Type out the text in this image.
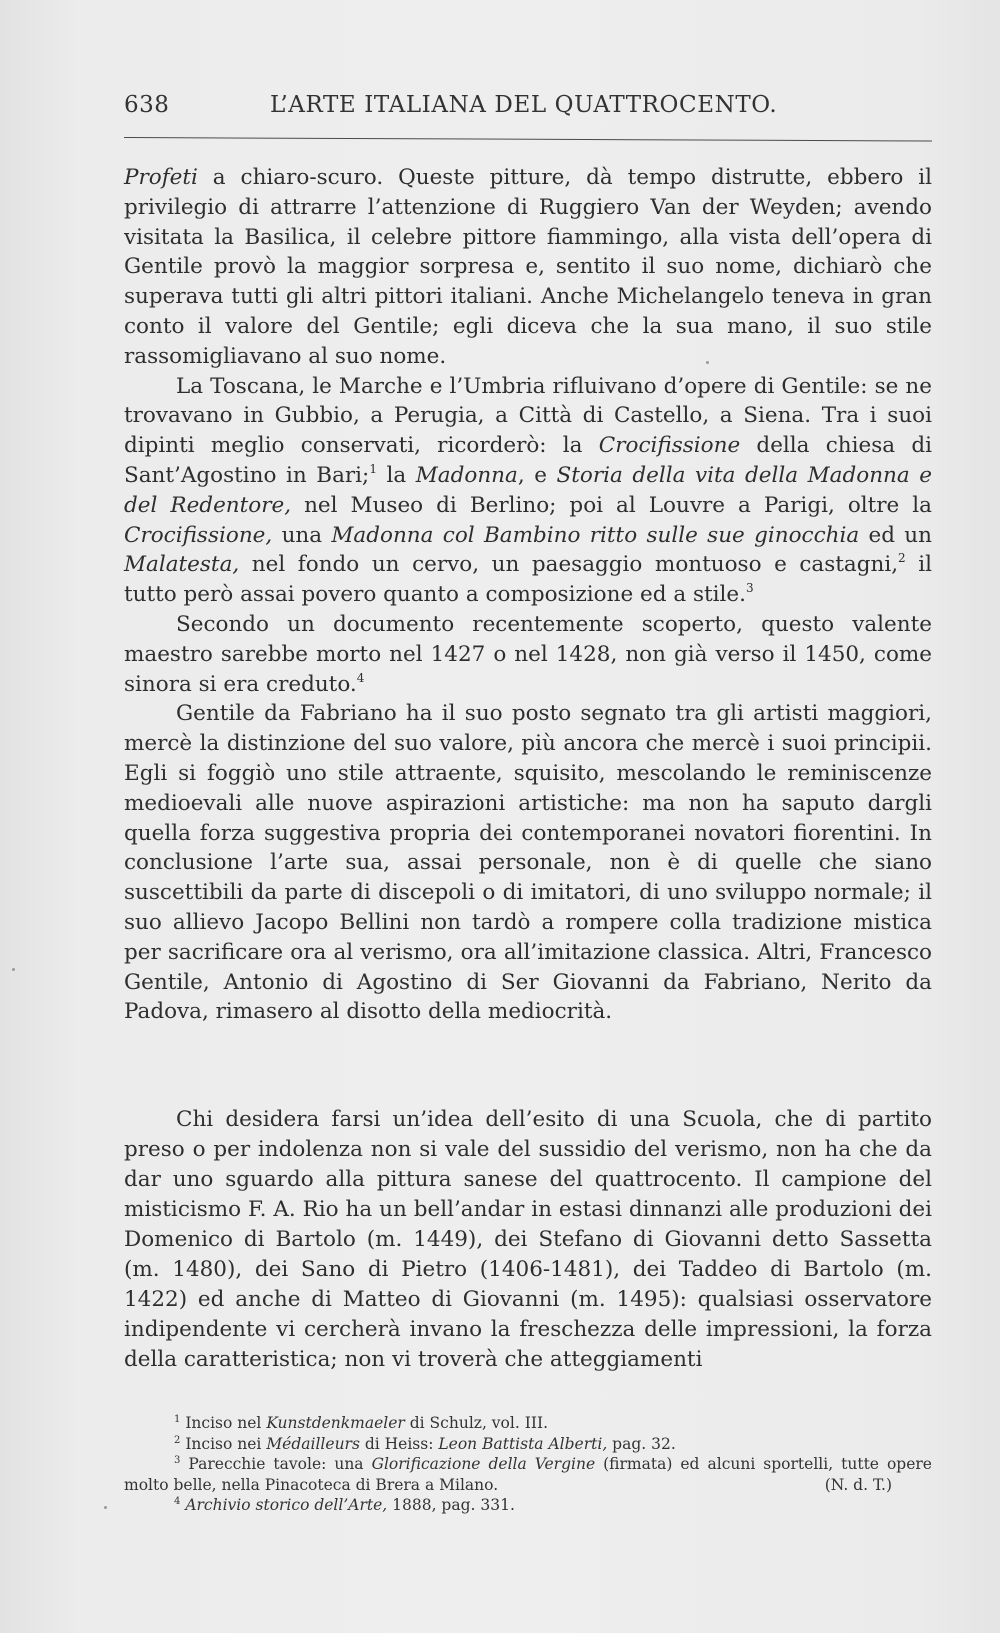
638	L’ARTE ITALIANA DEL QUATTROCENTO.

Profeti a chiaro-scuro. Queste pitture, dà tempo distrutte, ebbero il privilegio di attrarre l’attenzione di Ruggiero Van der Weyden; avendo visitata la Basilica, il celebre pittore fiammingo, alla vista dell’opera di Gentile provò la maggior sorpresa e, sentito il suo nome, dichiarò che superava tutti gli altri pittori italiani. Anche Michelangelo teneva in gran conto il valore del Gentile; egli diceva che la sua mano, il suo stile rassomigliavano al suo nome.

La Toscana, le Marche e l’Umbria rifluivano d’opere di Gentile: se ne trovavano in Gubbio, a Perugia, a Città di Castello, a Siena. Tra i suoi dipinti meglio conservati, ricorderò: la Crocifissione della chiesa di Sant’Agostino in Bari;$^1$ la Madonna, e Storia della vita della Madonna e del Redentore, nel Museo di Berlino; poi al Louvre a Parigi, oltre la Crocifissione, una Madonna col Bambino ritto sulle sue ginocchia ed un Malatesta, nel fondo un cervo, un paesaggio montuoso e castagni,$^2$ il tutto però assai povero quanto a composizione ed a stile.$^3$

Secondo un documento recentemente scoperto, questo valente maestro sarebbe morto nel 1427 o nel 1428, non già verso il 1450, come sinora si era creduto.$^4$

Gentile da Fabriano ha il suo posto segnato tra gli artisti maggiori, mercè la distinzione del suo valore, più ancora che mercè i suoi principii. Egli si foggiò uno stile attraente, squisito, mescolando le reminiscenze medioevali alle nuove aspirazioni artistiche: ma non ha saputo dargli quella forza suggestiva propria dei contemporanei novatori fiorentini. In conclusione l’arte sua, assai personale, non è di quelle che siano suscettibili da parte di discepoli o di imitatori, di uno sviluppo normale; il suo allievo Jacopo Bellini non tardò a rompere colla tradizione mistica per sacrificare ora al verismo, ora all’imitazione classica. Altri, Francesco Gentile, Antonio di Agostino di Ser Giovanni da Fabriano, Nerito da Padova, rimasero al disotto della mediocrità.

Chi desidera farsi un’idea dell’esito di una Scuola, che di partito preso o per indolenza non si vale del sussidio del verismo, non ha che da dar uno sguardo alla pittura sanese del quattrocento. Il campione del misticismo F. A. Rio ha un bell’andar in estasi dinnanzi alle produzioni dei Domenico di Bartolo (m. 1449), dei Stefano di Giovanni detto Sassetta (m. 1480), dei Sano di Pietro (1406-1481), dei Taddeo di Bartolo (m. 1422) ed anche di Matteo di Giovanni (m. 1495): qualsiasi osservatore indipendente vi cercherà invano la freschezza delle impressioni, la forza della caratteristica; non vi troverà che atteggiamenti

$^1$ Inciso nel Kunstdenkmaeler di Schulz, vol. III.

$^2$ Inciso nei Médailleurs di Heiss: Leon Battista Alberti, pag. 32.

$^3$ Parecchie tavole: una Glorificazione della Vergine (firmata) ed alcuni sportelli, tutte opere molto belle, nella Pinacoteca di Brera a Milano.	(N. d. T.)

$^4$ Archivio storico dell’Arte, 1888, pag. 331.
